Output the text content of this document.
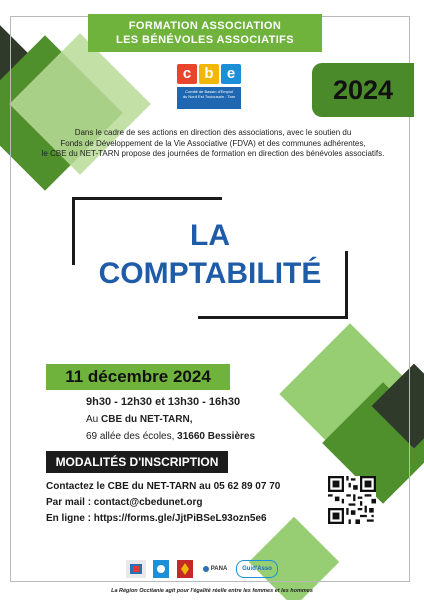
FORMATION ASSOCIATION
LES BÉNÉVOLES ASSOCIATIFS
c b e
Comité de Bassin d'Emploi
du Nord Est Toulousain - Tarn	2024
Dans le cadre de ses actions en direction des associations, avec le soutien du
Fonds de Développement de la Vie Associative (FDVA) et des communes adhérentes,
le CBE du NET-TARN propose des journées de formation en direction des bénévoles associatifs.
LA
COMPTABILITÉ
11 décembre 2024
9h30 - 12h30 et 13h30 - 16h30
Au CBE du NET-TARN,
69 allée des écoles, 31660 Bessières
MODALITÉS D'INSCRIPTION
Contactez le CBE du NET-TARN au 05 62 89 07 70
Par mail : contact@cbedunet.org
En ligne : https://forms.gle/JjtPiBSeL93ozn5e6
PANA Guid'Asso
La Région Occitanie agit pour l'égalité réelle entre les femmes et les hommes
